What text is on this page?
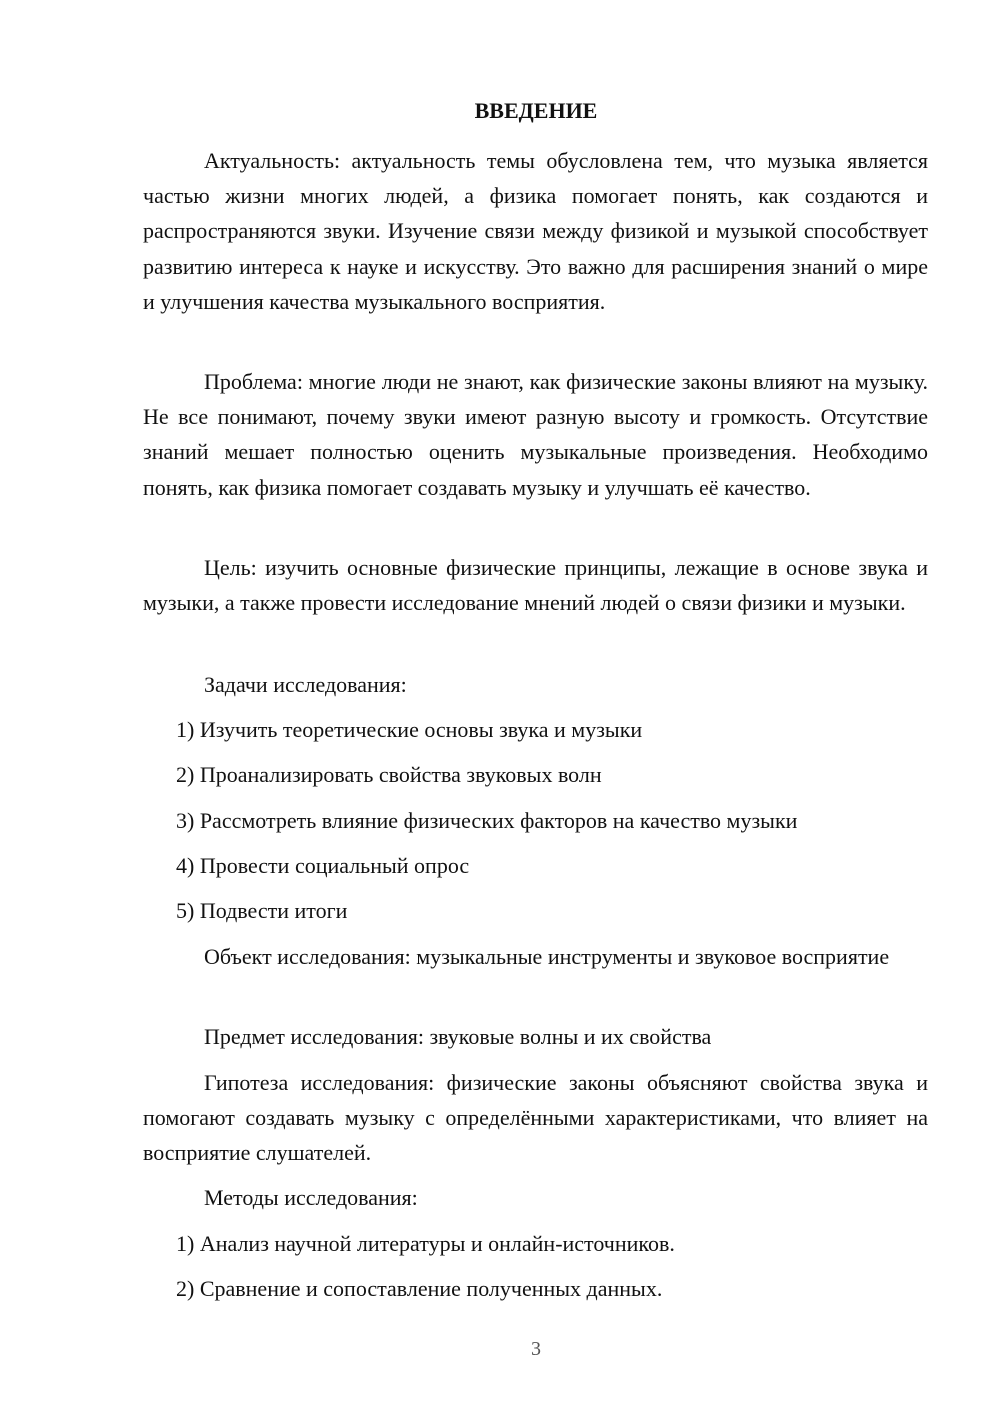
ВВЕДЕНИЕ

Актуальность: актуальность темы обусловлена тем, что музыка является частью жизни многих людей, а физика помогает понять, как создаются и распространяются звуки. Изучение связи между физикой и музыкой способствует развитию интереса к науке и искусству. Это важно для расширения знаний о мире и улучшения качества музыкального восприятия.

Проблема: многие люди не знают, как физические законы влияют на музыку. Не все понимают, почему звуки имеют разную высоту и громкость. Отсутствие знаний мешает полностью оценить музыкальные произведения. Необходимо понять, как физика помогает создавать музыку и улучшать её качество.

Цель: изучить основные физические принципы, лежащие в основе звука и музыки, а также провести исследование мнений людей о связи физики и музыки.

Задачи исследования:
1) Изучить теоретические основы звука и музыки
2) Проанализировать свойства звуковых волн
3) Рассмотреть влияние физических факторов на качество музыки
4) Провести социальный опрос
5) Подвести итоги

Объект исследования: музыкальные инструменты и звуковое восприятие

Предмет исследования: звуковые волны и их свойства

Гипотеза исследования: физические законы объясняют свойства звука и помогают создавать музыку с определёнными характеристиками, что влияет на восприятие слушателей.

Методы исследования:
1) Анализ научной литературы и онлайн-источников.
2) Сравнение и сопоставление полученных данных.
3
